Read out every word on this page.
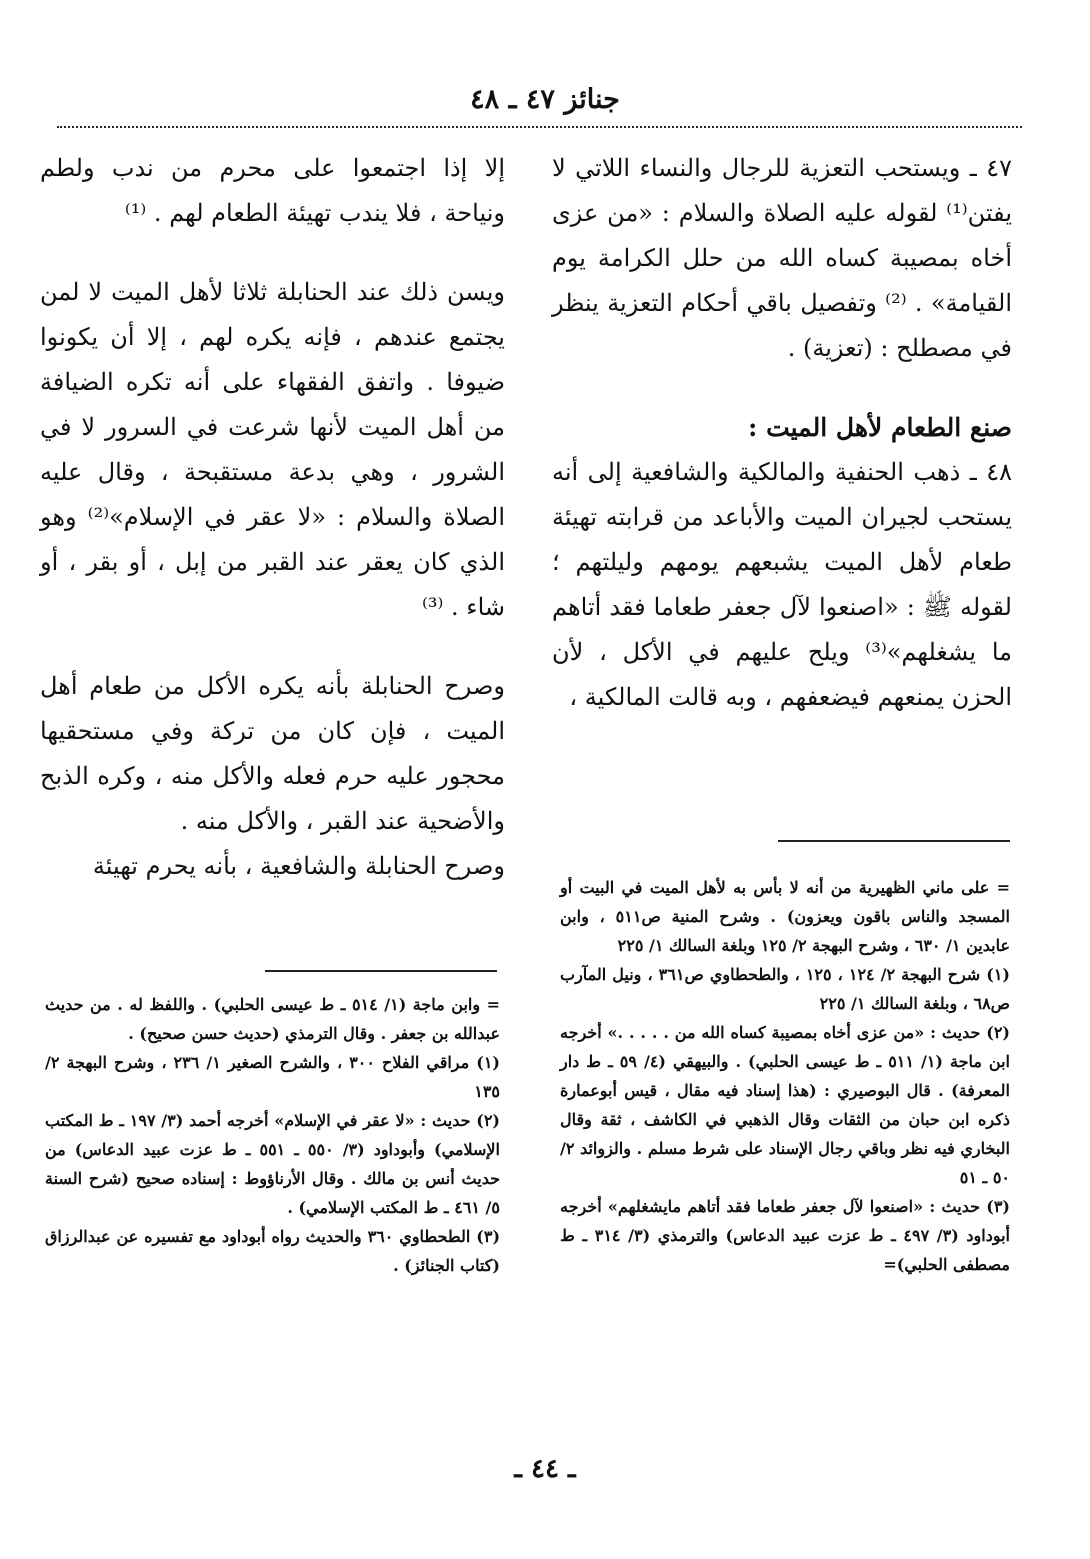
جنائز ٤٧ ـ ٤٨

٤٧ ـ ويستحب التعزية للرجال والنساء اللاتي لا يفتن⁽¹⁾ لقوله عليه الصلاة والسلام : «من عزى أخاه بمصيبة كساه الله من حلل الكرامة يوم القيامة» . ⁽²⁾ وتفصيل باقي أحكام التعزية ينظر في مصطلح : (تعزية) .

صنع الطعام لأهل الميت :

٤٨ ـ ذهب الحنفية والمالكية والشافعية إلى أنه يستحب لجيران الميت والأباعد من قرابته تهيئة طعام لأهل الميت يشبعهم يومهم وليلتهم ؛ لقوله ﷺ : «اصنعوا لآل جعفر طعاما فقد أتاهم ما يشغلهم»⁽³⁾ ويلح عليهم في الأكل ، لأن الحزن يمنعهم فيضعفهم ، وبه قالت المالكية ،

إلا إذا اجتمعوا على محرم من ندب ولطم ونياحة ، فلا يندب تهيئة الطعام لهم . ⁽¹⁾

ويسن ذلك عند الحنابلة ثلاثا لأهل الميت لا لمن يجتمع عندهم ، فإنه يكره لهم ، إلا أن يكونوا ضيوفا . واتفق الفقهاء على أنه تكره الضيافة من أهل الميت لأنها شرعت في السرور لا في الشرور ، وهي بدعة مستقبحة ، وقال عليه الصلاة والسلام : «لا عقر في الإسلام»⁽²⁾ وهو الذي كان يعقر عند القبر من إبل ، أو بقر ، أو شاء . ⁽³⁾

وصرح الحنابلة بأنه يكره الأكل من طعام أهل الميت ، فإن كان من تركة وفي مستحقيها محجور عليه حرم فعله والأكل منه ، وكره الذبح والأضحية عند القبر ، والأكل منه .

وصرح الحنابلة والشافعية ، بأنه يحرم تهيئة

= على ماني الظهيرية من أنه لا بأس به لأهل الميت في البيت أو المسجد والناس باقون ويعزون) . وشرح المنية ص٥١١ ، وابن عابدين ١/ ٦٣٠ ، وشرح البهجة ٢/ ١٢٥ وبلغة السالك ١/ ٢٢٥

(١) شرح البهجة ٢/ ١٢٤ ، ١٢٥ ، والطحطاوي ص٣٦١ ، ونيل المآرب ص٦٨ ، وبلغة السالك ١/ ٢٢٥

(٢) حديث : «من عزى أخاه بمصيبة كساه الله من . . . . .» أخرجه ابن ماجة (١/ ٥١١ ـ ط عيسى الحلبي) . والبيهقي (٤/ ٥٩ ـ ط دار المعرفة) . قال البوصيري : (هذا إسناد فيه مقال ، قيس أبوعمارة ذكره ابن حبان من الثقات وقال الذهبي في الكاشف ، ثقة وقال البخاري فيه نظر وباقي رجال الإسناد على شرط مسلم . والزوائد ٢/ ٥٠ ـ ٥١

(٣) حديث : «اصنعوا لآل جعفر طعاما فقد أتاهم مايشغلهم» أخرجه أبوداود (٣/ ٤٩٧ ـ ط عزت عبيد الدعاس) والترمذي (٣/ ٣١٤ ـ ط مصطفى الحلبي)=

= وابن ماجة (١/ ٥١٤ ـ ط عيسى الحلبي) . واللفظ له . من حديث عبدالله بن جعفر . وقال الترمذي (حديث حسن صحيح) .

(١) مراقي الفلاح ٣٠٠ ، والشرح الصغير ١/ ٢٣٦ ، وشرح البهجة ٢/ ١٣٥

(٢) حديث : «لا عقر في الإسلام» أخرجه أحمد (٣/ ١٩٧ ـ ط المكتب الإسلامي) وأبوداود (٣/ ٥٥٠ ـ ٥٥١ ـ ط عزت عبيد الدعاس) من حديث أنس بن مالك . وقال الأرناؤوط : إسناده صحيح (شرح السنة ٥/ ٤٦١ ـ ط المكتب الإسلامي) .

(٣) الطحطاوي ٣٦٠ والحديث رواه أبوداود مع تفسيره عن عبدالرزاق (كتاب الجنائز) .

ـ ٤٤ ـ
